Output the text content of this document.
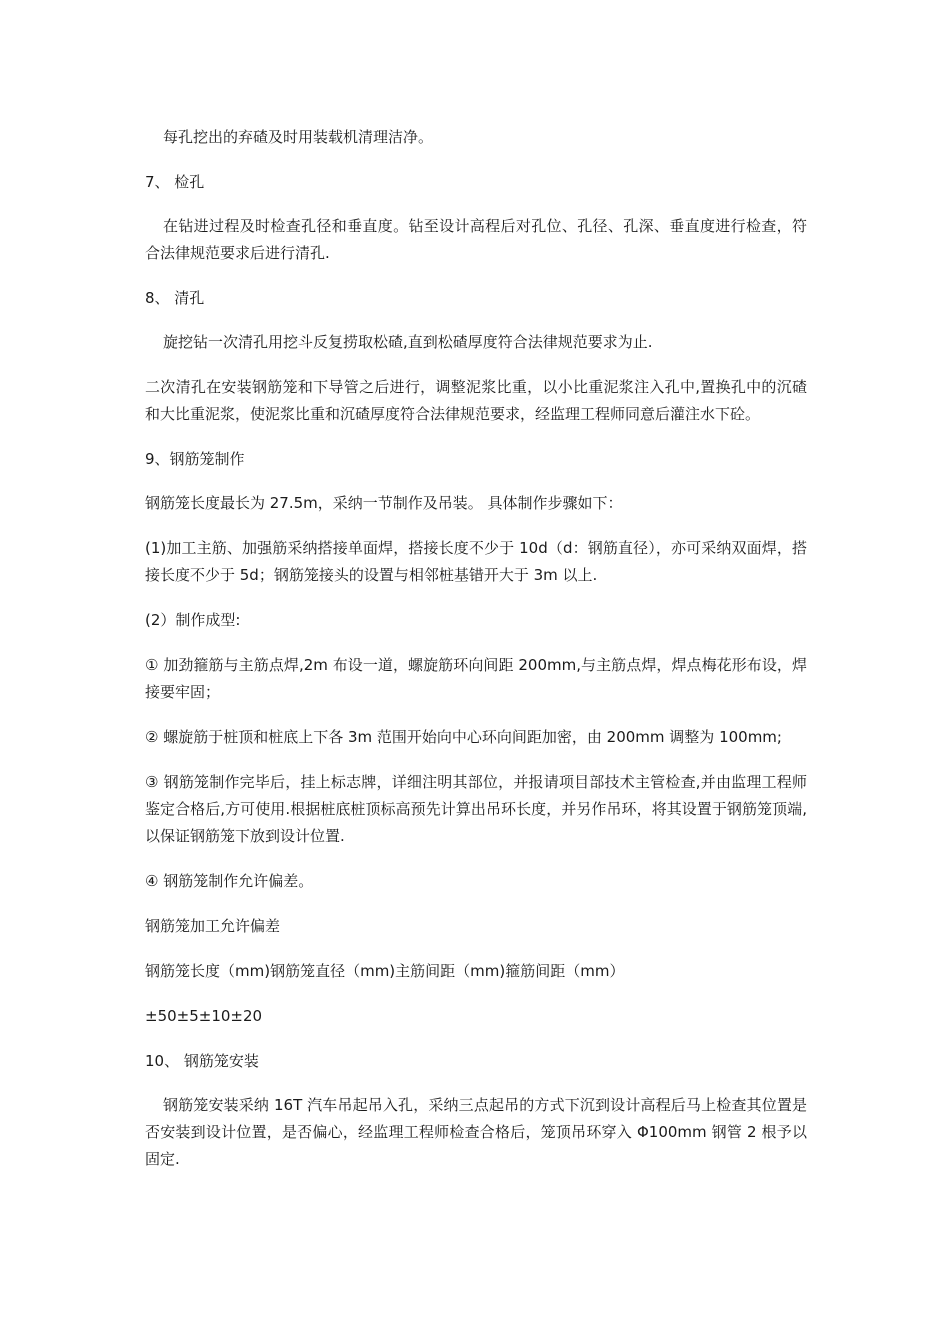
每孔挖出的弃碴及时用装载机清理洁净。

7、 检孔

在钻进过程及时检查孔径和垂直度。钻至设计高程后对孔位、孔径、孔深、垂直度进行检查，符合法律规范要求后进行清孔.

8、 清孔

旋挖钻一次清孔用挖斗反复捞取松碴,直到松碴厚度符合法律规范要求为止.

二次清孔在安装钢筋笼和下导管之后进行，调整泥浆比重，以小比重泥浆注入孔中,置换孔中的沉碴和大比重泥浆，使泥浆比重和沉碴厚度符合法律规范要求，经监理工程师同意后灌注水下砼。

9、钢筋笼制作

钢筋笼长度最长为 27.5m，采纳一节制作及吊装。 具体制作步骤如下：

(1)加工主筋、加强筋采纳搭接单面焊，搭接长度不少于 10d（d：钢筋直径），亦可采纳双面焊，搭接长度不少于 5d；钢筋笼接头的设置与相邻桩基错开大于 3m 以上.

(2）制作成型:

① 加劲箍筋与主筋点焊,2m 布设一道，螺旋筋环向间距 200mm,与主筋点焊，焊点梅花形布设，焊接要牢固；

② 螺旋筋于桩顶和桩底上下各 3m 范围开始向中心环向间距加密，由 200mm 调整为 100mm;

③ 钢筋笼制作完毕后，挂上标志牌，详细注明其部位，并报请项目部技术主管检查,并由监理工程师鉴定合格后,方可使用.根据桩底桩顶标高预先计算出吊环长度，并另作吊环，将其设置于钢筋笼顶端,以保证钢筋笼下放到设计位置.

④ 钢筋笼制作允许偏差。

钢筋笼加工允许偏差

钢筋笼长度（mm)钢筋笼直径（mm)主筋间距（mm)箍筋间距（mm）

±50±5±10±20

10、 钢筋笼安装

钢筋笼安装采纳 16T 汽车吊起吊入孔，采纳三点起吊的方式下沉到设计高程后马上检查其位置是否安装到设计位置，是否偏心，经监理工程师检查合格后，笼顶吊环穿入 Φ100mm 钢管 2 根予以固定.
